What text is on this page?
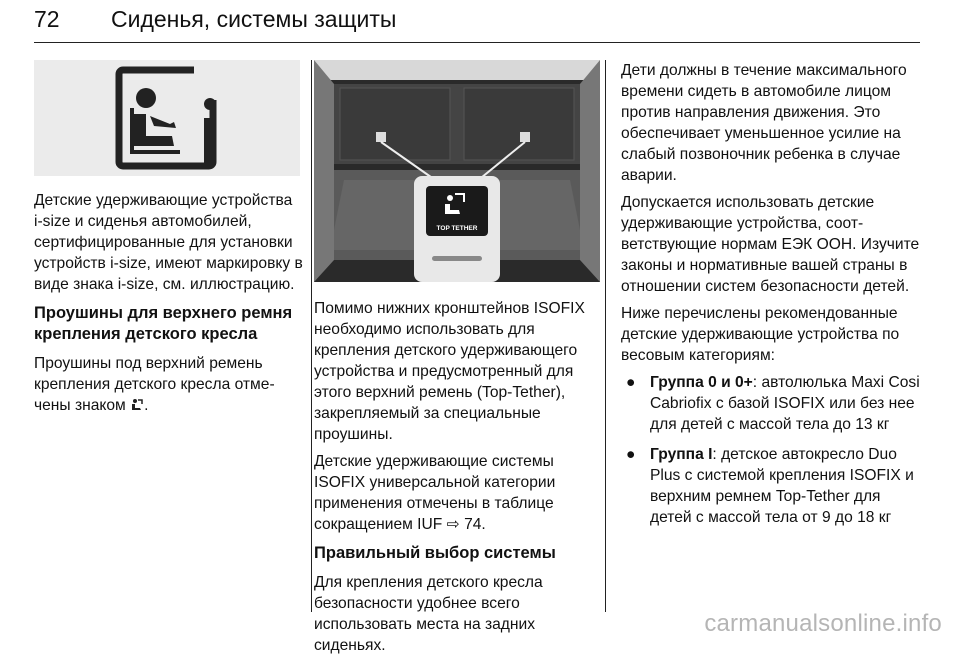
72 Сиденья, системы защиты

Детские удерживающие устройства i-size и сиденья автомобилей, сертифицированные для установки устройств i-size, имеют маркировку в виде знака i-size, см. иллюстрацию.

Проушины для верхнего ремня крепления детского кресла

Проушины под верхний ремень крепления детского кресла отмечены знаком .

TOP TETHER

Помимо нижних кронштейнов ISOFIX необходимо использовать для крепления детского удерживающего устройства и предусмотренный для этого верхний ремень (Top-Tether), закрепляемый за специальные проушины.

Детские удерживающие системы ISOFIX универсальной категории применения отмечены в таблице сокращением IUF ⇨ 74.

Правильный выбор системы

Для крепления детского кресла безопасности удобнее всего использовать места на задних сиденьях.

Дети должны в течение максимального времени сидеть в автомобиле лицом против направления движения. Это обеспечивает уменьшенное усилие на слабый позвоночник ребенка в случае аварии.

Допускается использовать детские удерживающие устройства, соответствующие нормам ЕЭК ООН. Изучите законы и нормативные вашей страны в отношении систем безопасности детей.

Ниже перечислены рекомендованные детские удерживающие устройства по весовым категориям:

● Группа 0 и 0+: автолюлька Maxi Cosi Cabriofix с базой ISOFIX или без нее для детей с массой тела до 13 кг
● Группа I: детское автокресло Duo Plus с системой крепления ISOFIX и верхним ремнем Top-Tether для детей с массой тела от 9 до 18 кг
carmanualsonline.info
